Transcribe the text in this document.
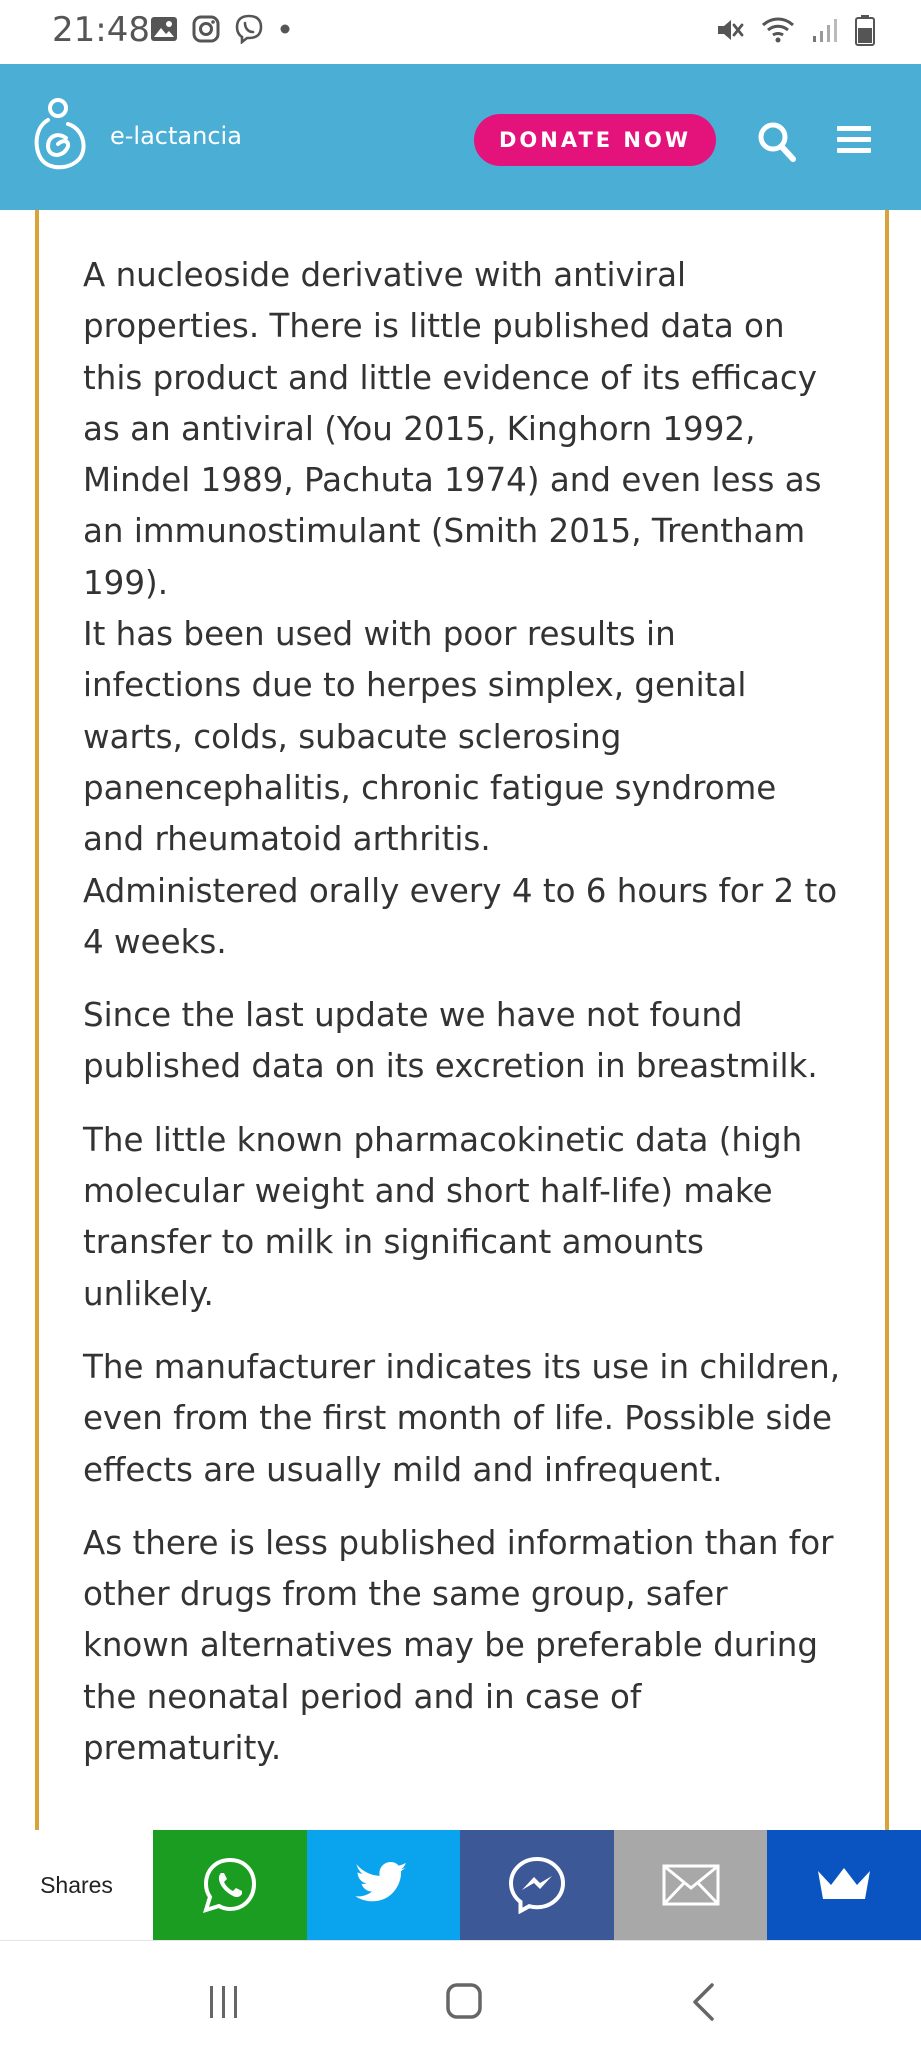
21:48
e-lactancia	DONATE NOW

A nucleoside derivative with antiviral properties. There is little published data on this product and little evidence of its efficacy as an antiviral (You 2015, Kinghorn 1992, Mindel 1989, Pachuta 1974) and even less as an immunostimulant (Smith 2015, Trentham 199).

It has been used with poor results in infections due to herpes simplex, genital warts, colds, subacute sclerosing panencephalitis, chronic fatigue syndrome and rheumatoid arthritis.

Administered orally every 4 to 6 hours for 2 to 4 weeks.

Since the last update we have not found published data on its excretion in breastmilk.

The little known pharmacokinetic data (high molecular weight and short half-life) make transfer to milk in significant amounts unlikely.

The manufacturer indicates its use in children, even from the first month of life. Possible side effects are usually mild and infrequent.

As there is less published information than for other drugs from the same group, safer known alternatives may be preferable during the neonatal period and in case of prematurity.

Shares
